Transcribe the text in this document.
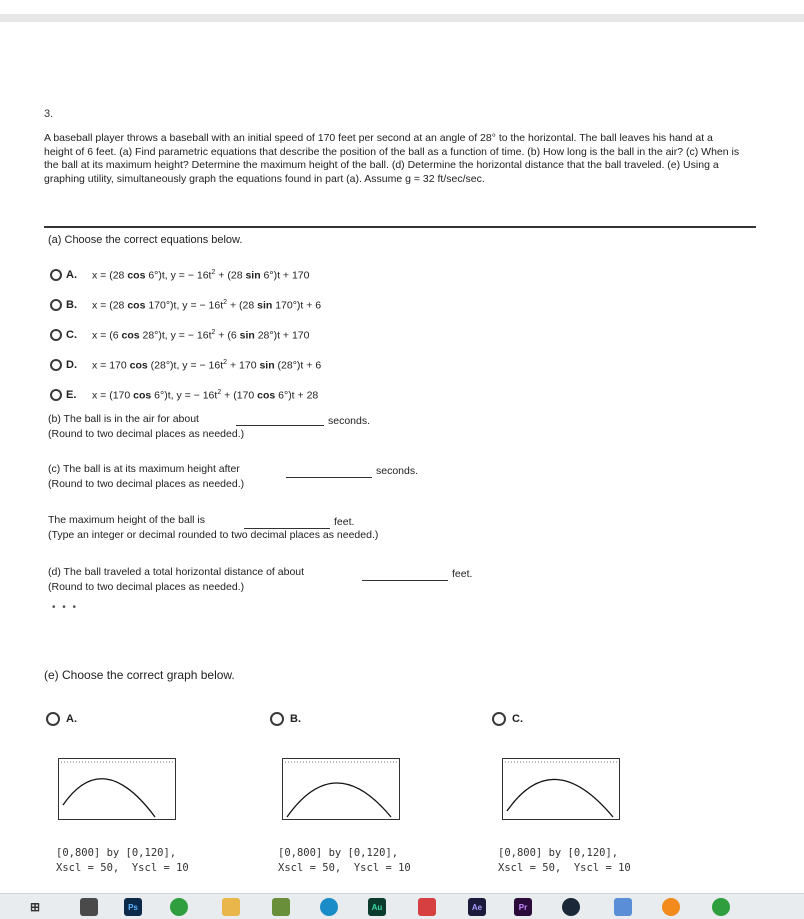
3.
A baseball player throws a baseball with an initial speed of 170 feet per second at an angle of 28° to the horizontal. The ball leaves his hand at a height of 6 feet. (a) Find parametric equations that describe the position of the ball as a function of time. (b) How long is the ball in the air? (c) When is the ball at its maximum height? Determine the maximum height of the ball. (d) Determine the horizontal distance that the ball traveled. (e) Using a graphing utility, simultaneously graph the equations found in part (a). Assume g = 32 ft/sec/sec.
(a) Choose the correct equations below.
A.	x = (28 cos 6°)t, y = − $16t^2 + (28$ sin 6°)t + 170
B.	x = (28 cos 170°)t, y = − $16t^2 + (28$ sin 170°)t + 6
C.	x = (6 cos 28°)t, y = − $16t^2 + (6$ sin 28°)t + 170
D.	x = 170 cos (28°)t, y = − $16t^2 + 170$ sin (28°)t + 6
E.	x = (170 cos 6°)t, y = − $16t^2 + (170$ cos 6°)t + 28
(b) The ball is in the air for about	seconds.
(Round to two decimal places as needed.)
(c) The ball is at its maximum height after	seconds.
(Round to two decimal places as needed.)
The maximum height of the ball is	feet.
(Type an integer or decimal rounded to two decimal places as needed.)
(d) The ball traveled a total horizontal distance of about	feet.
(Round to two decimal places as needed.)
• • •
(e) Choose the correct graph below.
A.	B.	C.
[0,800] by [0,120],
Xscl = 50,  Yscl = 10
[0,800] by [0,120],
Xscl = 50,  Yscl = 10
[0,800] by [0,120],
Xscl = 50,  Yscl = 10
⊞	Ps	Au	Ae	Pr
